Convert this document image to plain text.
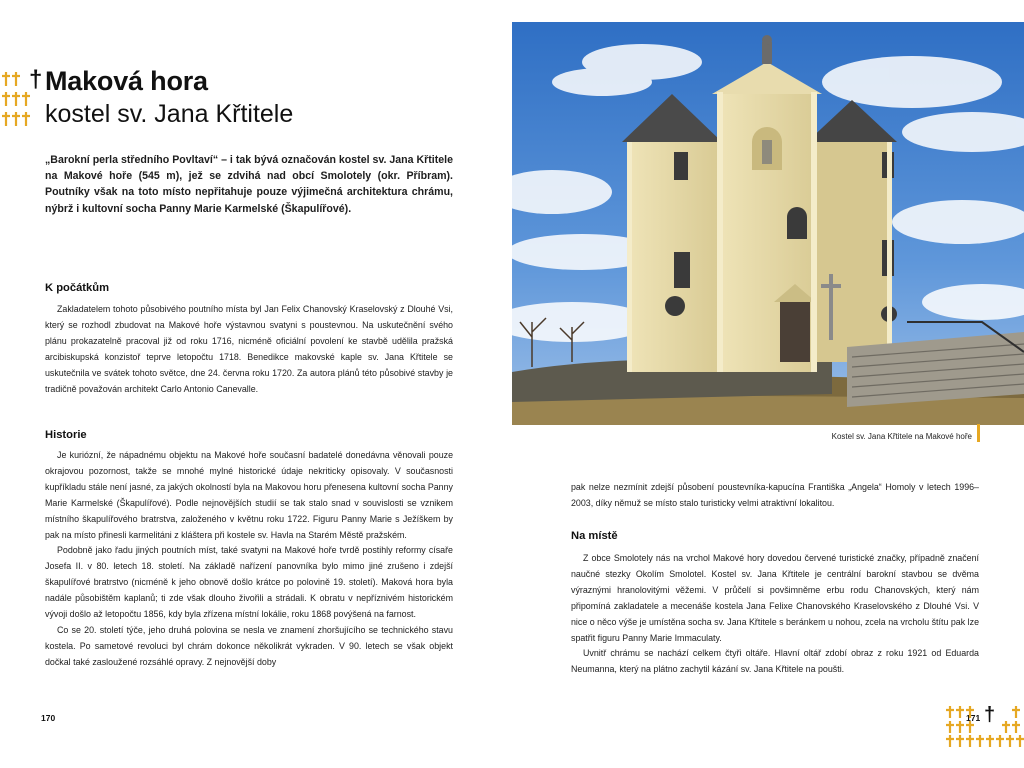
† Maková hora
kostel sv. Jana Křtitele
„Barokní perla středního Povltaví“ – i tak bývá označován kostel sv. Jana Křtitele na Makové hoře (545 m), jež se zdvihá nad obcí Smolotely (okr. Příbram). Poutníky však na toto místo nepřitahuje pouze výjimečná architektura chrámu, nýbrž i kultovní socha Panny Marie Karmelské (Škapulířové).
K počátkům

Zakladatelem tohoto působivého poutního místa byl Jan Felix Chanovský Kraselovský z Dlouhé Vsi, který se rozhodl zbudovat na Makové hoře výstavnou svatyni s poustevnou. Na uskutečnění svého plánu prokazatelně pracoval již od roku 1716, nicméně oficiální povolení ke stavbě udělila pražská arcibiskupská konzistoř teprve letopočtu 1718. Benedikce makovské kaple sv. Jana Křtitele se uskutečnila ve svátek tohoto světce, dne 24. června roku 1720. Za autora plánů této působivé stavby je tradičně považován architekt Carlo Antonio Canevalle.

Historie

Je kuriózní, že nápadnému objektu na Makové hoře současní badatelé donedávna věnovali pouze okrajovou pozornost, takže se mnohé mylné historické údaje nekriticky opisovaly. V současnosti kupříkladu stále není jasné, za jakých okolností byla na Makovou horu přenesena kultovní socha Panny Marie Karmelské (Škapulířové). Podle nejnovějších studií se tak stalo snad v souvislosti se vznikem místního škapulířového bratrstva, založeného v květnu roku 1722. Figuru Panny Marie s Ježíškem by pak na místo přinesli karmelitáni z kláštera při kostele sv. Havla na Starém Městě pražském.

Podobně jako řadu jiných poutních míst, také svatyni na Makové hoře tvrdě postihly reformy císaře Josefa II. v 80. letech 18. století. Na základě nařízení panovníka bylo mimo jiné zrušeno i zdejší škapulířové bratrstvo (nicméně k jeho obnově došlo krátce po polovině 19. století). Maková hora byla nadále působištěm kaplanů; ti zde však dlouho živořili a strádali. K obratu v nepříznivém historickém vývoji došlo až letopočtu 1856, kdy byla zřízena místní lokálie, roku 1868 povýšená na farnost.

Co se 20. století týče, jeho druhá polovina se nesla ve znamení zhoršujícího se technického stavu kostela. Po sametové revoluci byl chrám dokonce několikrát vykraden. V 90. letech se však objekt dočkal také zasloužené rozsáhlé opravy. Z nejnovější doby

170
Kostel sv. Jana Křtitele na Makové hoře

pak nelze nezmínit zdejší působení poustevníka-kapucína Františka „Angela“ Homoly v letech 1996–2003, díky němuž se místo stalo turisticky velmi atraktivní lokalitou.

Na místě

Z obce Smolotely nás na vrchol Makové hory dovedou červené turistické značky, případně značení naučné stezky Okolím Smolotel. Kostel sv. Jana Křtitele je centrální barokní stavbou se dvěma výraznými hranolovitými věžemi. V průčelí si povšimněme erbu rodu Chanovských, který nám připomíná zakladatele a mecenáše kostela Jana Felixe Chanovského Kraselovského z Dlouhé Vsi. V nice o něco výše je umístěna socha sv. Jana Křtitele s beránkem u nohou, zcela na vrcholu štítu pak lze spatřit figuru Panny Marie Immaculaty.

Uvnitř chrámu se nachází celkem čtyři oltáře. Hlavní oltář zdobí obraz z roku 1921 od Eduarda Neumanna, který na plátno zachytil kázání sv. Jana Křtitele na poušti.

171 †
